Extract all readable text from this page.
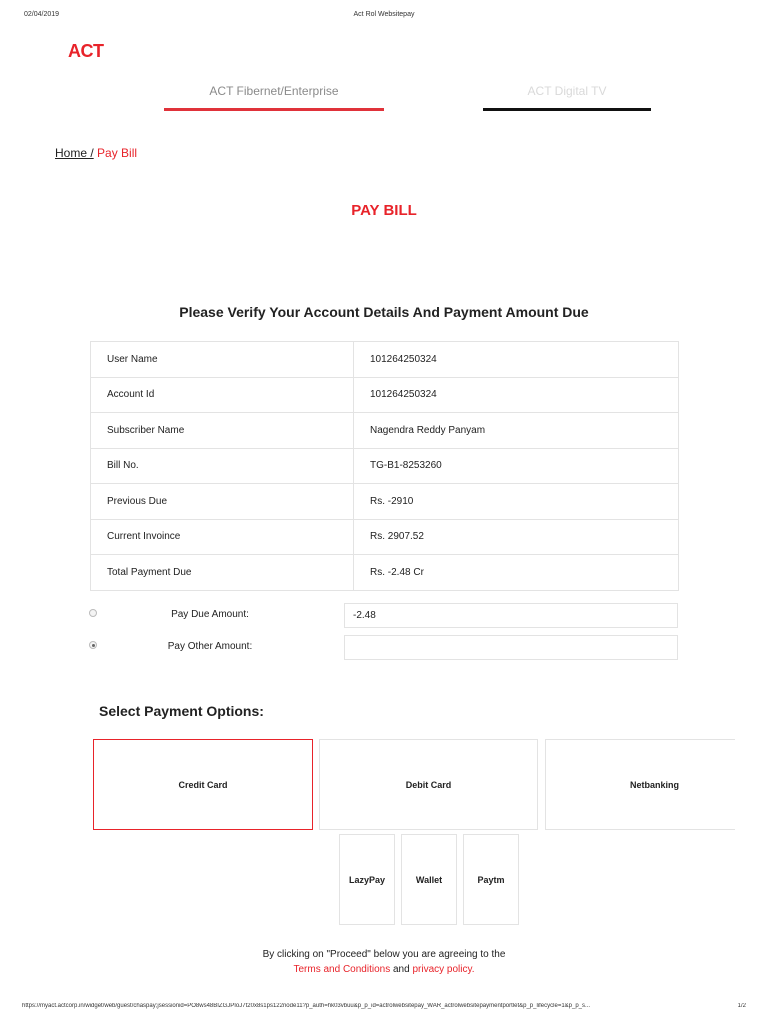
02/04/2019	Act Rol Websitepay
ACT
ACT Fibernet/Enterprise	ACT Digital TV
Home / Pay Bill
PAY BILL
Please Verify Your Account Details And Payment Amount Due
User Name	101264250324
Account Id	101264250324
Subscriber Name	Nagendra Reddy Panyam
Bill No.	TG-B1-8253260
Previous Due	Rs. -2910
Current Invoince	Rs. 2907.52
Total Payment Due	Rs. -2.48 Cr
Pay Due Amount:
-2.48
Pay Other Amount:
Select Payment Options:
Credit Card	Debit Card	Netbanking
LazyPay	Wallet	Paytm
By clicking on "Proceed" below you are agreeing to the
Terms and Conditions and privacy policy.
https://myact.actcorp.in/widget/web/guest/chaspay;jsessionid=PO8ws48BIZGJPIoJ7t20x8s1ps122node11?p_auth=hk03vbuu&p_p_id=actrolwebsitepay_WAR_actrolwebsitepaymentportlet&p_p_lifecycle=1&p_p_s...	1/2
